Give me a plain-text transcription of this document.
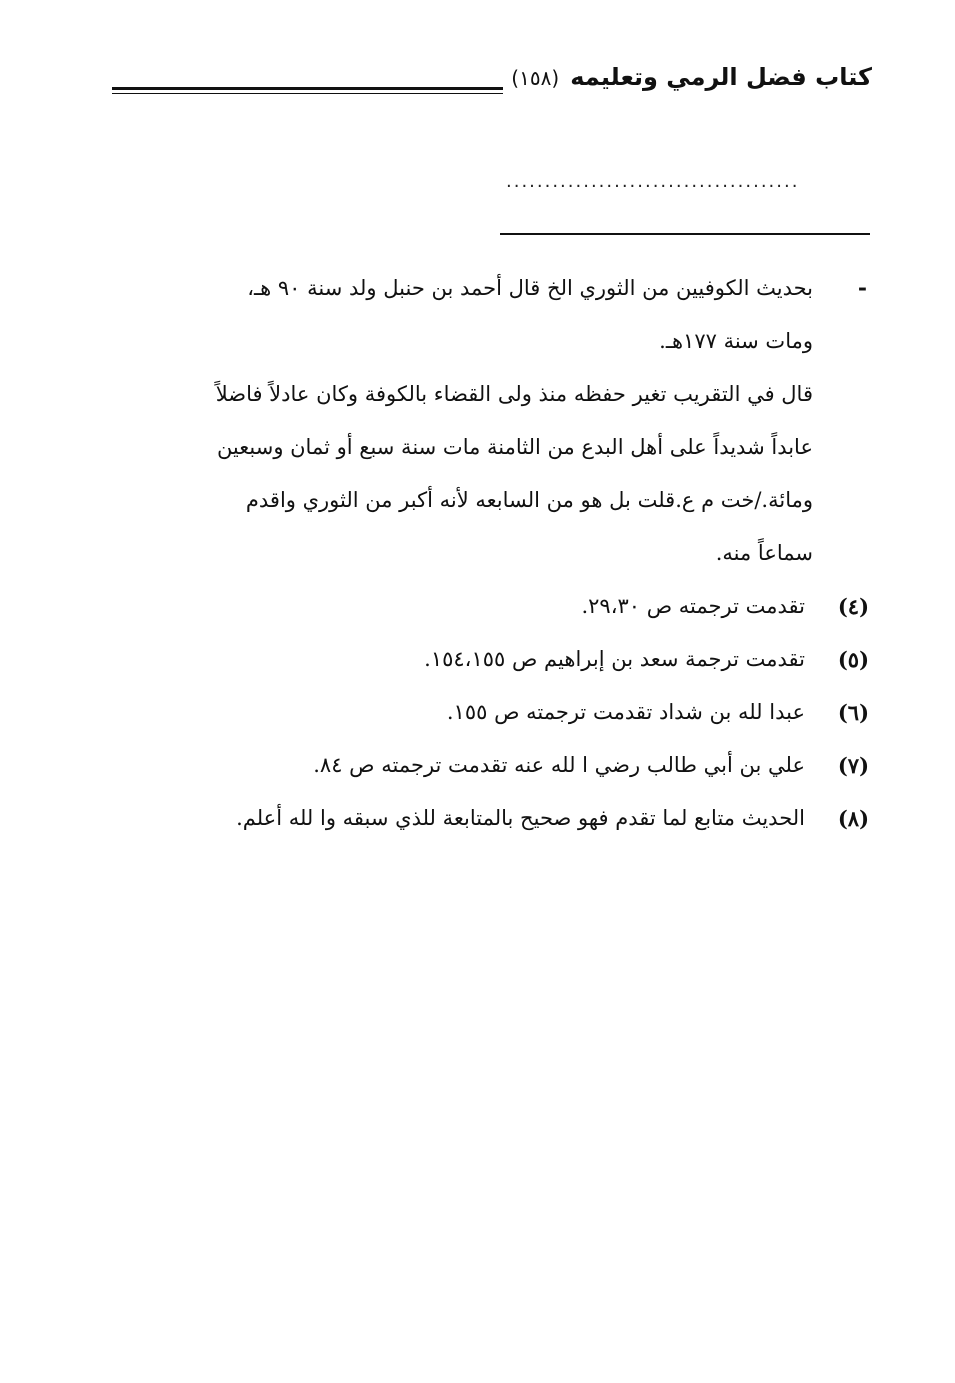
كتاب فضل الرمي وتعليمه (١٥٨)
......................................
-
بحديث الكوفيين من الثوري الخ قال أحمد بن حنبل ولد سنة ٩٠ هـ،
ومات سنة ١٧٧هـ.
قال في التقريب تغير حفظه منذ ولى القضاء بالكوفة وكان عادلاً فاضلاً
عابداً شديداً على أهل البدع من الثامنة مات سنة سبع أو ثمان وسبعين
ومائة./خت م ع.قلت بل هو من السابعه لأنه أكبر من الثوري واقدم
سماعاً منه.
(٤)
تقدمت ترجمته ص ٢٩،٣٠.
(٥)
تقدمت ترجمة سعد بن إبراهيم ص ١٥٤،١٥٥.
(٦)
عبدا لله بن شداد تقدمت ترجمته ص ١٥٥.
(٧)
علي بن أبي طالب رضي ا لله عنه تقدمت ترجمته ص ٨٤.
(٨)
الحديث متابع لما تقدم فهو صحيح بالمتابعة للذي سبقه وا لله أعلم.
